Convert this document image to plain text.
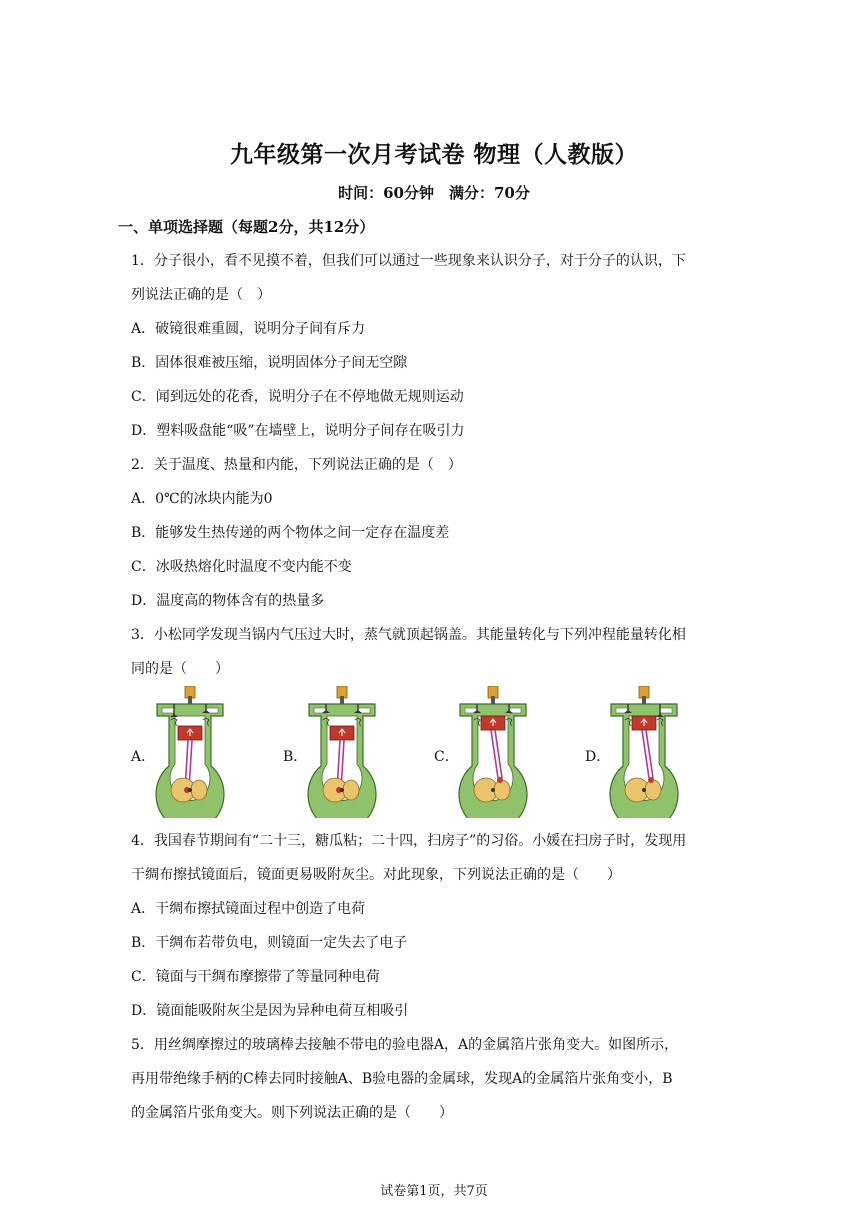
九年级第一次月考试卷 物理（人教版）
时间：60分钟　满分：70分
一、单项选择题（每题2分，共12分）
1．分子很小，看不见摸不着，但我们可以通过一些现象来认识分子，对于分子的认识，下
列说法正确的是（　）
A．破镜很难重圆，说明分子间有斥力
B．固体很难被压缩，说明固体分子间无空隙
C．闻到远处的花香，说明分子在不停地做无规则运动
D．塑料吸盘能“吸”在墙壁上，说明分子间存在吸引力
2．关于温度、热量和内能，下列说法正确的是（　）
A．0℃的冰块内能为0
B．能够发生热传递的两个物体之间一定存在温度差
C．冰吸热熔化时温度不变内能不变
D．温度高的物体含有的热量多
3．小松同学发现当锅内气压过大时，蒸气就顶起锅盖。其能量转化与下列冲程能量转化相
同的是（　　）
A．	B．	C．	D．
4．我国春节期间有“二十三，糖瓜粘；二十四，扫房子”的习俗。小媛在扫房子时，发现用
干绸布擦拭镜面后，镜面更易吸附灰尘。对此现象，下列说法正确的是（　　）
A．干绸布擦拭镜面过程中创造了电荷
B．干绸布若带负电，则镜面一定失去了电子
C．镜面与干绸布摩擦带了等量同种电荷
D．镜面能吸附灰尘是因为异种电荷互相吸引
5．用丝绸摩擦过的玻璃棒去接触不带电的验电器A，A的金属箔片张角变大。如图所示，
再用带绝缘手柄的C棒去同时接触A、B验电器的金属球，发现A的金属箔片张角变小，B
的金属箔片张角变大。则下列说法正确的是（　　）
试卷第1页，共7页
